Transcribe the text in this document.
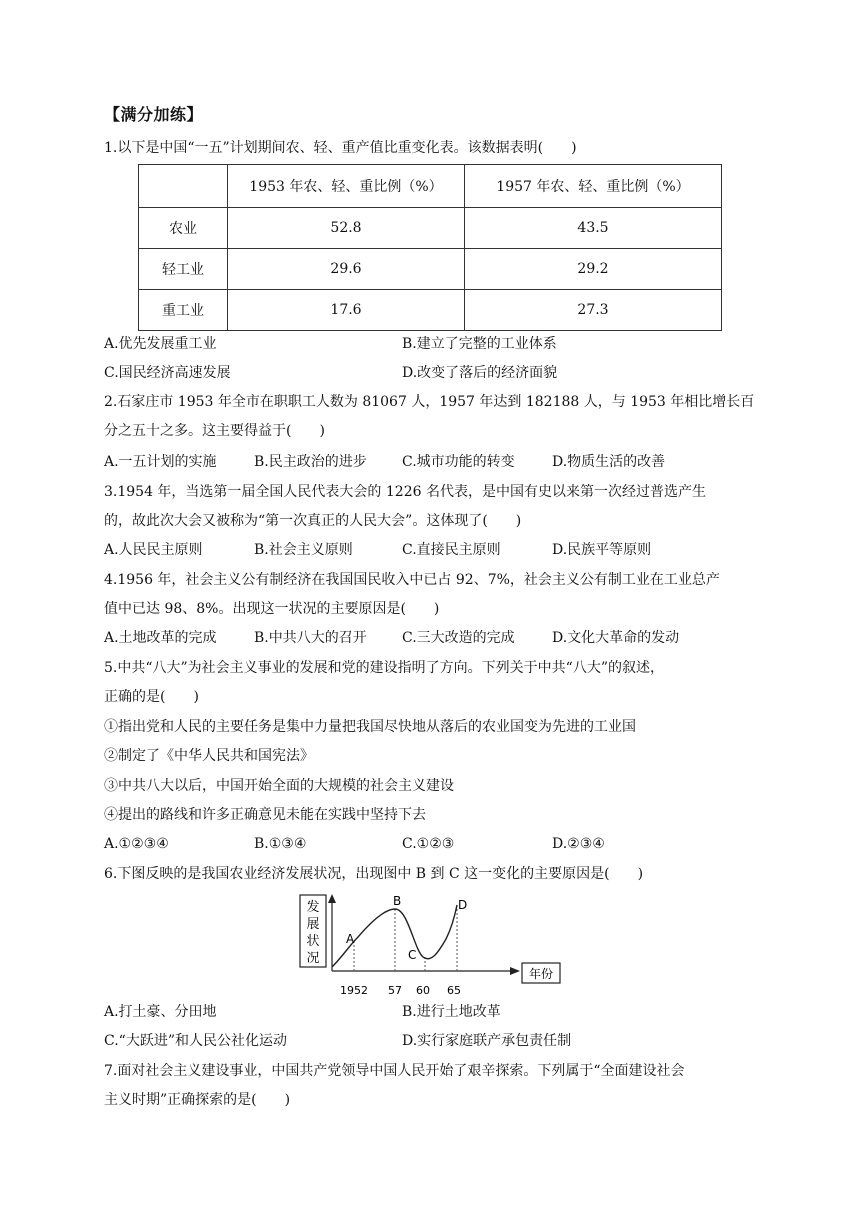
【满分加练】
1.以下是中国“一五”计划期间农、轻、重产值比重变化表。该数据表明(　　)
	1953 年农、轻、重比例（%）	1957 年农、轻、重比例（%）
农业	52.8	43.5
轻工业	29.6	29.2
重工业	17.6	27.3
A.优先发展重工业	B.建立了完整的工业体系
C.国民经济高速发展	D.改变了落后的经济面貌
2.石家庄市 1953 年全市在职职工人数为 81067 人，1957 年达到 182188 人，与 1953 年相比增长百
分之五十之多。这主要得益于(　　)
A.一五计划的实施	B.民主政治的进步	C.城市功能的转变	D.物质生活的改善
3.1954 年，当选第一届全国人民代表大会的 1226 名代表，是中国有史以来第一次经过普选产生
的，故此次大会又被称为“第一次真正的人民大会”。这体现了(　　)
A.人民民主原则	B.社会主义原则	C.直接民主原则	D.民族平等原则
4.1956 年，社会主义公有制经济在我国国民收入中已占 92、7%，社会主义公有制工业在工业总产
值中已达 98、8%。出现这一状况的主要原因是(　　)
A.土地改革的完成	B.中共八大的召开	C.三大改造的完成	D.文化大革命的发动
5.中共“八大”为社会主义事业的发展和党的建设指明了方向。下列关于中共“八大”的叙述，
正确的是(　　)
①指出党和人民的主要任务是集中力量把我国尽快地从落后的农业国变为先进的工业国
②制定了《中华人民共和国宪法》
③中共八大以后，中国开始全面的大规模的社会主义建设
④提出的路线和许多正确意见未能在实践中坚持下去
A.①②③④	B.①③④	C.①②③	D.②③④
6.下图反映的是我国农业经济发展状况，出现图中 B 到 C 这一变化的主要原因是(　　)
发
展
状
况
年份
A
B
C
D
1952 57 60 65
A.打土豪、分田地	B.进行土地改革
C.“大跃进”和人民公社化运动	D.实行家庭联产承包责任制
7.面对社会主义建设事业，中国共产党领导中国人民开始了艰辛探索。下列属于“全面建设社会
主义时期”正确探索的是(　　)
